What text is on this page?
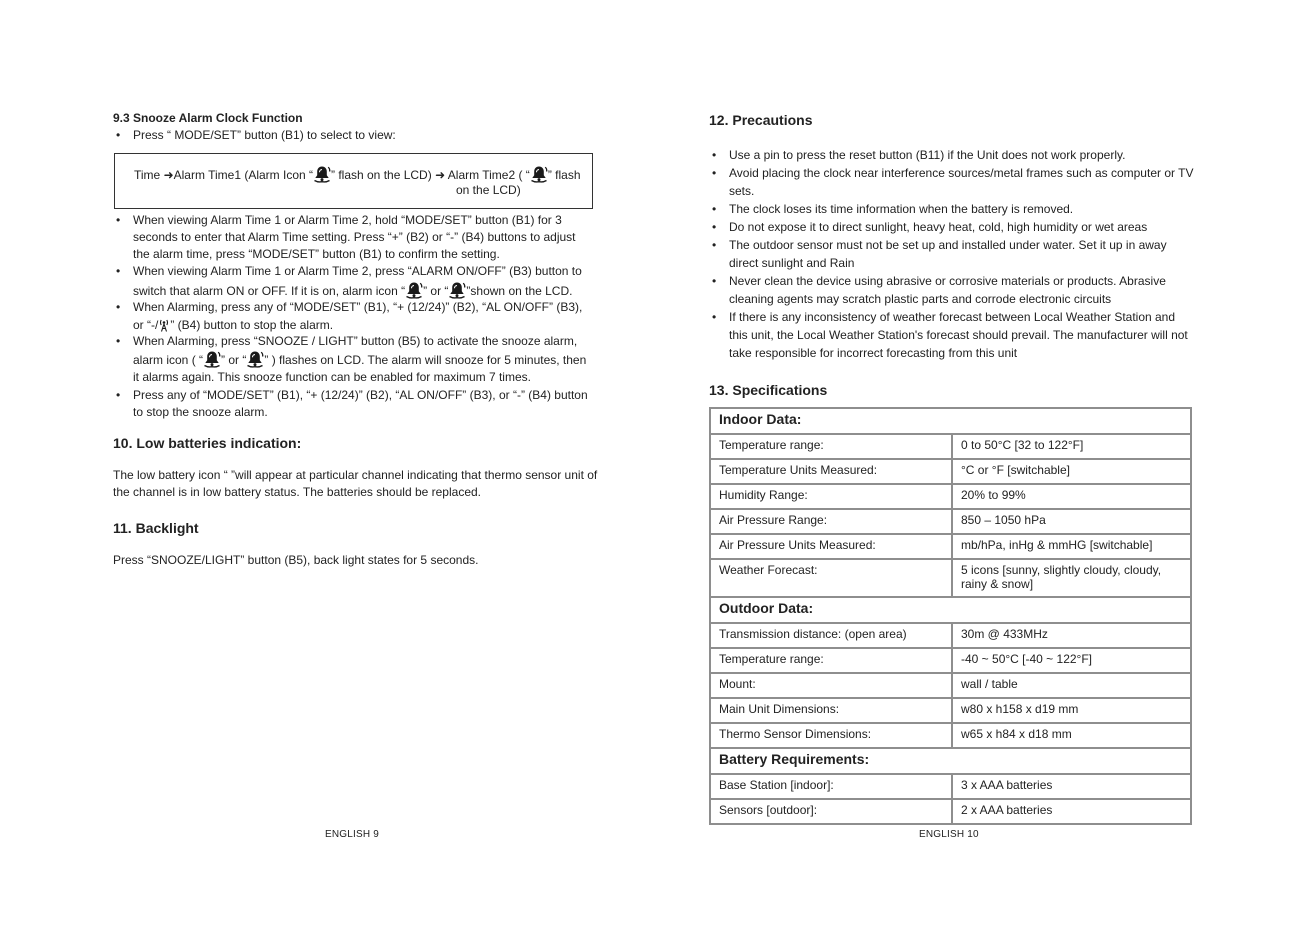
9.3 Snooze Alarm Clock Function
• Press “ MODE/SET” button (B1) to select to view:
Time ➜Alarm Time1 (Alarm Icon “ ” flash on the LCD) ➜ Alarm Time2 ( “ ” flash
on the LCD)
• When viewing Alarm Time 1 or Alarm Time 2, hold “MODE/SET” button (B1) for 3 seconds to enter that Alarm Time setting. Press “+” (B2) or “-” (B4) buttons to adjust the alarm time, press “MODE/SET” button (B1) to confirm the setting.
• When viewing Alarm Time 1 or Alarm Time 2, press “ALARM ON/OFF” (B3) button to switch that alarm ON or OFF. If it is on, alarm icon “ ” or “ ”shown on the LCD.
• When Alarming, press any of “MODE/SET” (B1), “+ (12/24)” (B2), “AL ON/OFF” (B3), or “-/ ” (B4) button to stop the alarm.
• When Alarming, press “SNOOZE / LIGHT” button (B5) to activate the snooze alarm, alarm icon ( “ ” or “ ” ) flashes on LCD. The alarm will snooze for 5 minutes, then it alarms again. This snooze function can be enabled for maximum 7 times.
• Press any of “MODE/SET” (B1), “+ (12/24)” (B2), “AL ON/OFF” (B3), or “-” (B4) button to stop the snooze alarm.
10. Low batteries indication:
The low battery icon “ ”will appear at particular channel indicating that thermo sensor unit of the channel is in low battery status. The batteries should be replaced.
11. Backlight
Press “SNOOZE/LIGHT” button (B5), back light states for 5 seconds.
ENGLISH 9
12. Precautions
• Use a pin to press the reset button (B11) if the Unit does not work properly.
• Avoid placing the clock near interference sources/metal frames such as computer or TV sets.
• The clock loses its time information when the battery is removed.
• Do not expose it to direct sunlight, heavy heat, cold, high humidity or wet areas
• The outdoor sensor must not be set up and installed under water. Set it up in away direct sunlight and Rain
• Never clean the device using abrasive or corrosive materials or products. Abrasive cleaning agents may scratch plastic parts and corrode electronic circuits
• If there is any inconsistency of weather forecast between Local Weather Station and this unit, the Local Weather Station's forecast should prevail. The manufacturer will not take responsible for incorrect forecasting from this unit
13. Specifications
Indoor Data:	
Temperature range:	0 to 50°C [32 to 122°F]
Temperature Units Measured:	°C or °F [switchable]
Humidity Range:	20% to 99%
Air Pressure Range:	850 – 1050 hPa
Air Pressure Units Measured:	mb/hPa, inHg & mmHG [switchable]
Weather Forecast:	5 icons [sunny, slightly cloudy, cloudy, rainy & snow]
Outdoor Data:	
Transmission distance: (open area)	30m @ 433MHz
Temperature range:	-40 ~ 50°C [-40 ~ 122°F]
Mount:	wall / table
Main Unit Dimensions:	w80 x h158 x d19 mm
Thermo Sensor Dimensions:	w65 x h84 x d18 mm
Battery Requirements:	
Base Station [indoor]:	3 x AAA batteries
Sensors [outdoor]:	2 x AAA batteries
ENGLISH 10
